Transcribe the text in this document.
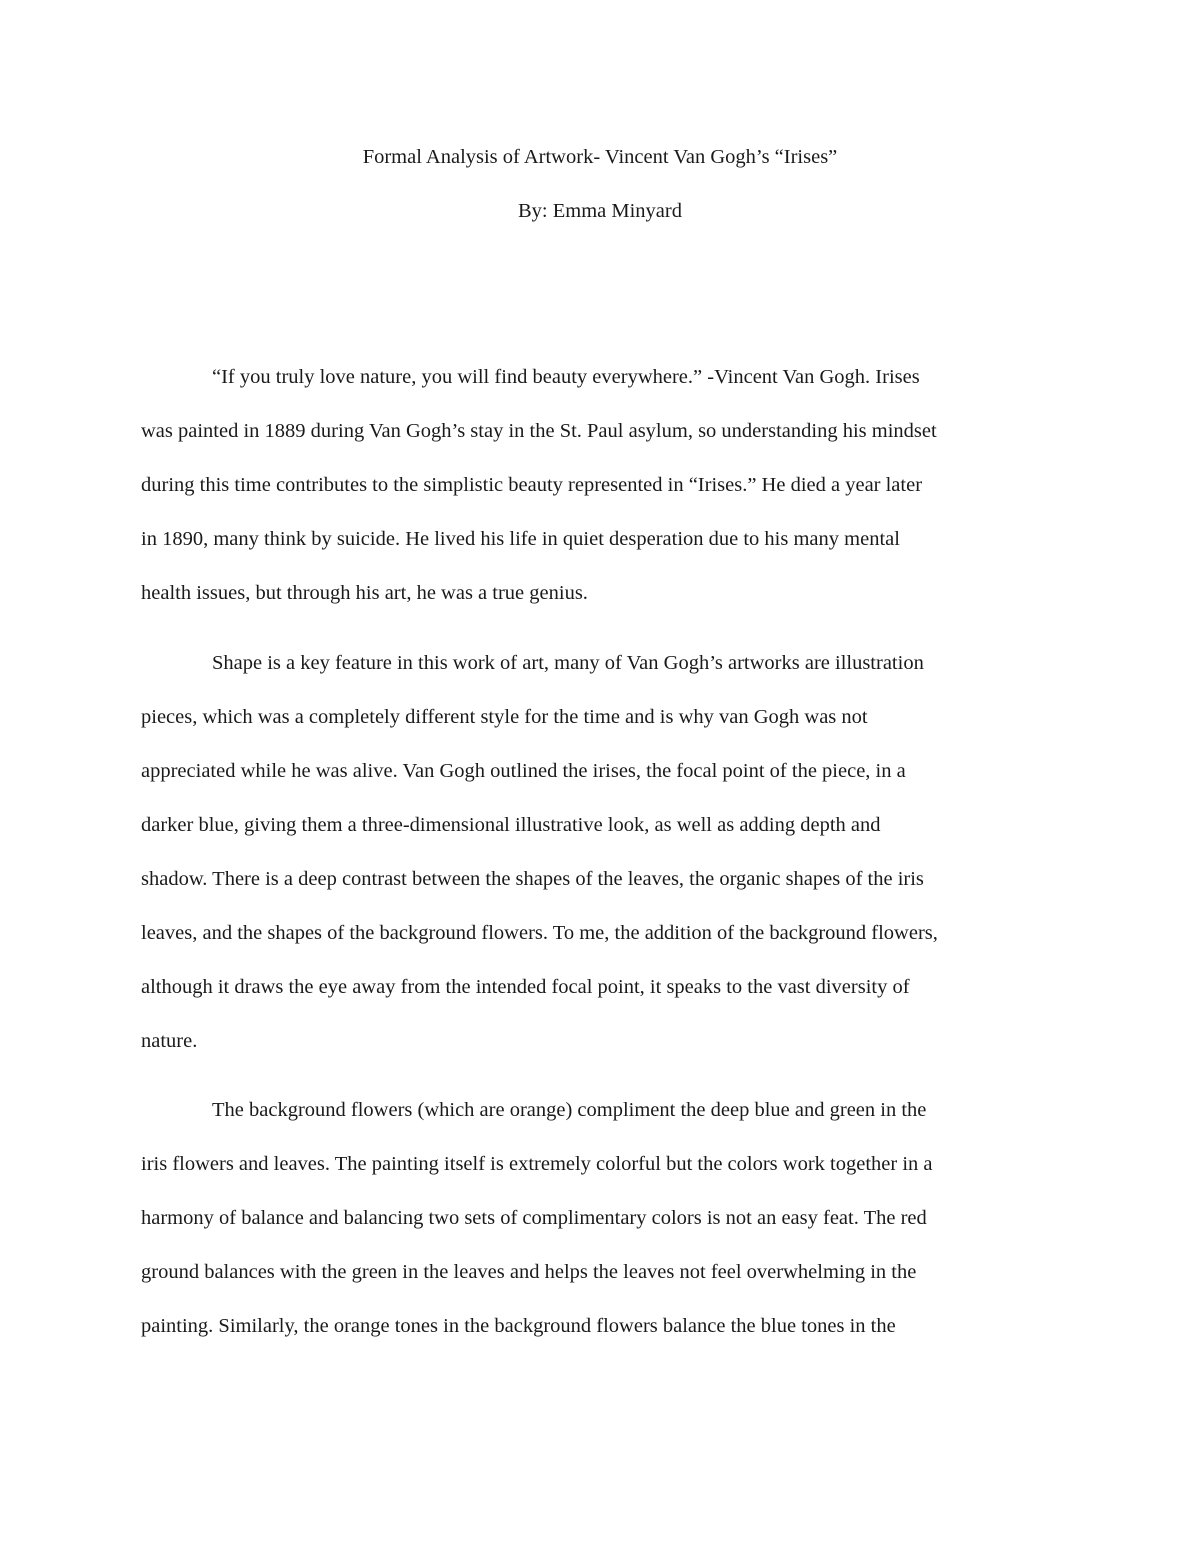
Formal Analysis of Artwork- Vincent Van Gogh’s “Irises”
By: Emma Minyard
“If you truly love nature, you will find beauty everywhere.” -Vincent Van Gogh. Irises
was painted in 1889 during Van Gogh’s stay in the St. Paul asylum, so understanding his mindset
during this time contributes to the simplistic beauty represented in “Irises.” He died a year later
in 1890, many think by suicide. He lived his life in quiet desperation due to his many mental
health issues, but through his art, he was a true genius.
Shape is a key feature in this work of art, many of Van Gogh’s artworks are illustration
pieces, which was a completely different style for the time and is why van Gogh was not
appreciated while he was alive. Van Gogh outlined the irises, the focal point of the piece, in a
darker blue, giving them a three-dimensional illustrative look, as well as adding depth and
shadow. There is a deep contrast between the shapes of the leaves, the organic shapes of the iris
leaves, and the shapes of the background flowers. To me, the addition of the background flowers,
although it draws the eye away from the intended focal point, it speaks to the vast diversity of
nature.
The background flowers (which are orange) compliment the deep blue and green in the
iris flowers and leaves. The painting itself is extremely colorful but the colors work together in a
harmony of balance and balancing two sets of complimentary colors is not an easy feat. The red
ground balances with the green in the leaves and helps the leaves not feel overwhelming in the
painting. Similarly, the orange tones in the background flowers balance the blue tones in the
